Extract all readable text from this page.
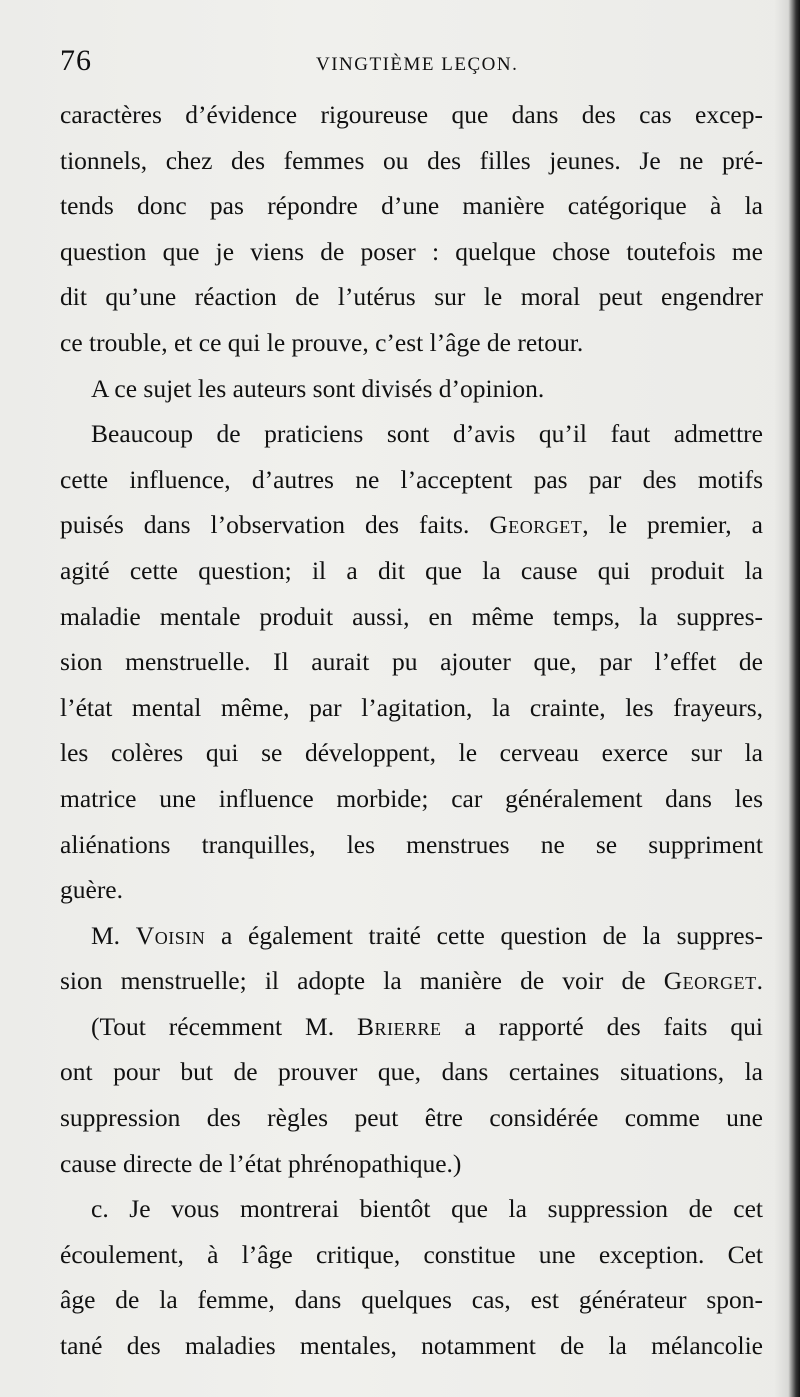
76	VINGTIÈME LEÇON.
caractères d’évidence rigoureuse que dans des cas excep-
tionnels, chez des femmes ou des filles jeunes. Je ne pré-
tends donc pas répondre d’une manière catégorique à la
question que je viens de poser : quelque chose toutefois me
dit qu’une réaction de l’utérus sur le moral peut engendrer
ce trouble, et ce qui le prouve, c’est l’âge de retour.
A ce sujet les auteurs sont divisés d’opinion.
Beaucoup de praticiens sont d’avis qu’il faut admettre
cette influence, d’autres ne l’acceptent pas par des motifs
puisés dans l’observation des faits. Georget, le premier, a
agité cette question; il a dit que la cause qui produit la
maladie mentale produit aussi, en même temps, la suppres-
sion menstruelle. Il aurait pu ajouter que, par l’effet de
l’état mental même, par l’agitation, la crainte, les frayeurs,
les colères qui se développent, le cerveau exerce sur la
matrice une influence morbide; car généralement dans les
aliénations tranquilles, les menstrues ne se suppriment
guère.
M. Voisin a également traité cette question de la suppres-
sion menstruelle; il adopte la manière de voir de Georget.
(Tout récemment M. Brierre a rapporté des faits qui
ont pour but de prouver que, dans certaines situations, la
suppression des règles peut être considérée comme une
cause directe de l’état phrénopathique.)
c. Je vous montrerai bientôt que la suppression de cet
écoulement, à l’âge critique, constitue une exception. Cet
âge de la femme, dans quelques cas, est générateur spon-
tané des maladies mentales, notamment de la mélancolie
